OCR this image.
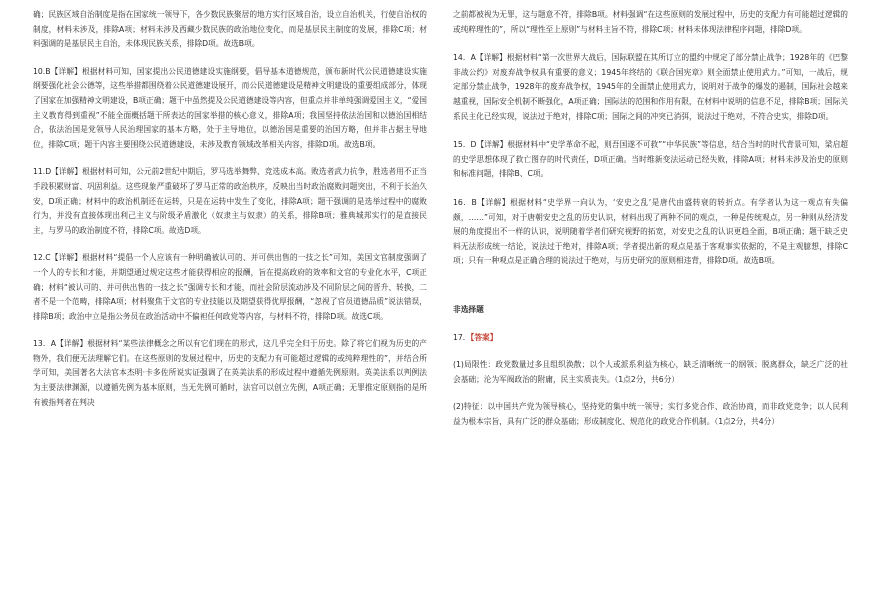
确；民族区域自治制度是指在国家统一领导下，各少数民族聚居的地方实行区域自治，设立自治机关，行使自治权的制度，材料未涉及，排除A项；材料未涉及西藏少数民族的政治地位变化，而是基层民主制度的发展，排除C项；材料强调的是基层民主自治，未体现民族关系，排除D项。故选B项。

10.B【详解】根据材料可知，国家提出公民道德建设实施纲要，倡导基本道德规范，颁布新时代公民道德建设实施纲要强化社会公德等，这些举措都围绕着公民道德建设展开，而公民道德建设是精神文明建设的重要组成部分，体现了国家在加强精神文明建设，B项正确；题干中虽然提及公民道德建设等内容，但重点并非单纯强调爱国主义，“爱国主义教育得到重视”不能全面概括题干所表达的国家举措的核心意义，排除A项；我国坚持依法治国和以德治国相结合，依法治国是党领导人民治理国家的基本方略，处于主导地位，以德治国是重要的治国方略，但并非占据主导地位，排除C项；题干内容主要围绕公民道德建设，未涉及教育领域改革相关内容，排除D项。故选B项。

11.D【详解】根据材料可知，公元前2世纪中期后，罗马选举舞弊、竞选成本高。败选者武力抗争，胜选者用不正当手段积累财富、巩固利益。这些现象严重破坏了罗马正常的政治秩序，反映出当时政治腐败问题突出，不利于长治久安，D项正确；材料中的政治机制还在运转，只是在运转中发生了变化，排除A项；题干强调的是选举过程中的腐败行为，并没有直接体现出利己主义与阶级矛盾激化（奴隶主与奴隶）的关系，排除B项；雅典城邦实行的是直接民主，与罗马的政治制度不符，排除C项。故选D项。

12.C【详解】根据材料“提倡一个人应该有一种明确被认可的、并可供出售的一技之长”可知，美国文官制度强调了一个人的专长和才能，并期望通过规定这些才能获得相应的报酬，旨在提高政府的效率和文官的专业化水平，C项正确；材料“被认可的、并可供出售的一技之长”强调专长和才能，而社会阶层流动涉及不同阶层之间的晋升、转换，二者不是一个范畴，排除A项；材料聚焦于文官的专业技能以及期望获得优厚报酬，“忽视了官员道德品质”说法错误，排除B项；政治中立是指公务员在政治活动中不偏袒任何政党等内容，与材料不符，排除D项。故选C项。

13．A【详解】根据材料“某些法律概念之所以有它们现在的形式，这几乎完全归于历史。除了将它们视为历史的产物外，我们便无法理解它们。在这些原则的发展过程中，历史的支配力有可能超过逻辑的或纯粹理性的”，并结合所学可知，美国著名大法官本杰明·卡多佐所说实证强调了在英美法系的形成过程中遵循先例原则。英美法系以判例法为主要法律渊源，以遵循先例为基本原则，当无先例可循时，法官可以创立先例，A项正确；无罪推定原则指的是所有被指判者在判决

之前都被视为无罪，这与题意不符，排除B项。材料强调“在这些原则的发展过程中，历史的支配力有可能超过逻辑的或纯粹理性的”，所以“理性至上原则”与材料主旨不符，排除C项；材料未体现法律程序问题，排除D项。

14．A【详解】根据材料“第一次世界大战后，国际联盟在其所订立的盟约中规定了部分禁止战争；1928年的《巴黎非战公约》对废弃战争权具有重要的意义；1945年终结的《联合国宪章》则全面禁止使用武力。”可知，一战后，规定部分禁止战争，1928年的废弃战争权，1945年的全面禁止使用武力，说明对于战争的爆发的遏制，国际社会越来越重视，国际安全机制不断强化，A项正确；国际法的范围和作用有限，在材料中说明的信息不足，排除B项；国际关系民主化已经实现，说法过于绝对，排除C项；国际之间的冲突已消弭，说法过于绝对，不符合史实，排除D项。

15．D【详解】根据材料中“史学革命不起，则吾国遂不可救”“中华民族”等信息，结合当时的时代背景可知，梁启超的史学思想体现了救亡图存的时代责任，D项正确。当时维新变法运动已经失败，排除A项；材料未涉及治史的原则和标准问题，排除B、C项。

16．B【详解】根据材料“史学界一向认为，‘安史之乱’是唐代由盛转衰的转折点。有学者认为这一观点有失偏颇，……”可知，对于唐朝安史之乱的历史认识，材料出现了两种不同的观点，一种是传统观点，另一种则从经济发展的角度提出不一样的认识，说明随着学者们研究视野的拓宽，对安史之乱的认识更趋全面，B项正确；题干缺乏史料无法形成统一结论，说法过于绝对，排除A项；学者提出新的观点是基于客观事实依据的，不是主观臆想，排除C项；只有一种观点是正确合理的说法过于绝对，与历史研究的原则相违背，排除D项。故选B项。

非选择题

17．【答案】

(1)局限性：政党数量过多且组织涣散；以个人或派系利益为核心，缺乏清晰统一的纲领；脱离群众，缺乏广泛的社会基础；沦为军阀政治的附庸，民主实质丧失。（1点2分，共6分）

(2)特征：以中国共产党为领导核心，坚持党的集中统一领导；实行多党合作、政治协商，而非政党竞争；以人民利益为根本宗旨，具有广泛的群众基础；形成制度化、规范化的政党合作机制。（1点2分，共4分）
